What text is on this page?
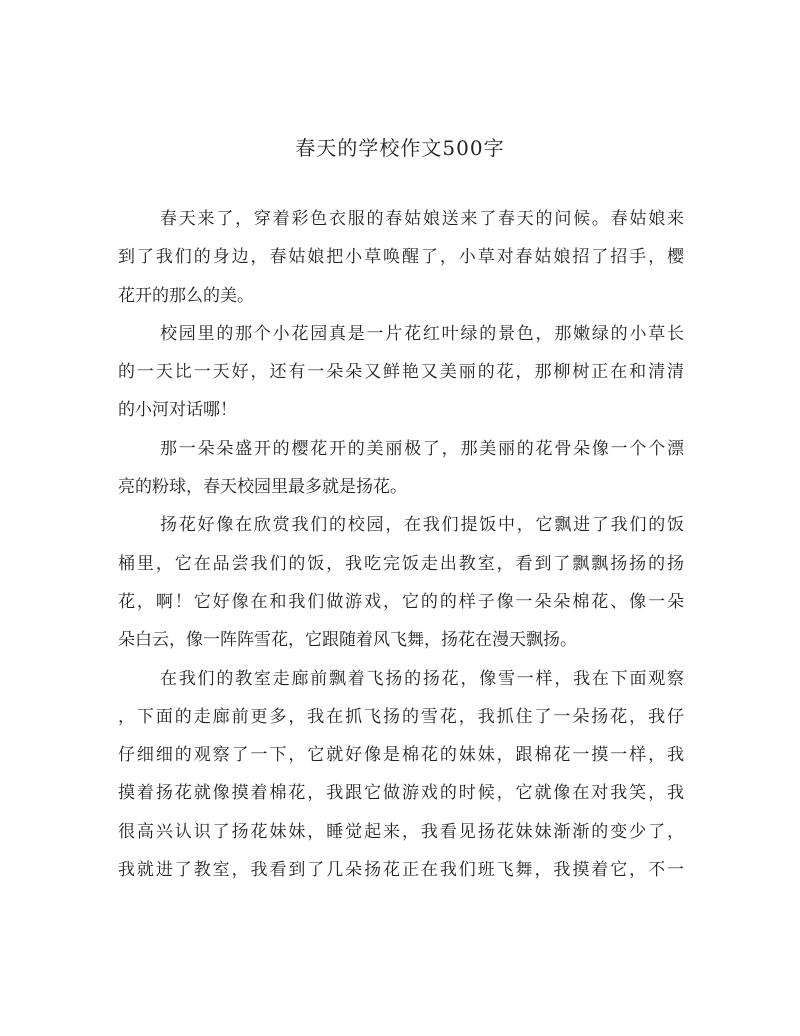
春天的学校作文500字
春天来了，穿着彩色衣服的春姑娘送来了春天的问候。春姑娘来
到了我们的身边，春姑娘把小草唤醒了，小草对春姑娘招了招手，樱
花开的那么的美。
校园里的那个小花园真是一片花红叶绿的景色，那嫩绿的小草长
的一天比一天好，还有一朵朵又鲜艳又美丽的花，那柳树正在和清清
的小河对话哪！
那一朵朵盛开的樱花开的美丽极了，那美丽的花骨朵像一个个漂
亮的粉球，春天校园里最多就是扬花。
扬花好像在欣赏我们的校园，在我们提饭中，它飘进了我们的饭
桶里，它在品尝我们的饭，我吃完饭走出教室，看到了飘飘扬扬的扬
花，啊！它好像在和我们做游戏，它的的样子像一朵朵棉花、像一朵
朵白云，像一阵阵雪花，它跟随着风飞舞，扬花在漫天飘扬。
在我们的教室走廊前飘着飞扬的扬花，像雪一样，我在下面观察
，下面的走廊前更多，我在抓飞扬的雪花，我抓住了一朵扬花，我仔
仔细细的观察了一下，它就好像是棉花的妹妹，跟棉花一摸一样，我
摸着扬花就像摸着棉花，我跟它做游戏的时候，它就像在对我笑，我
很高兴认识了扬花妹妹，睡觉起来，我看见扬花妹妹渐渐的变少了，
我就进了教室，我看到了几朵扬花正在我们班飞舞，我摸着它，不一
